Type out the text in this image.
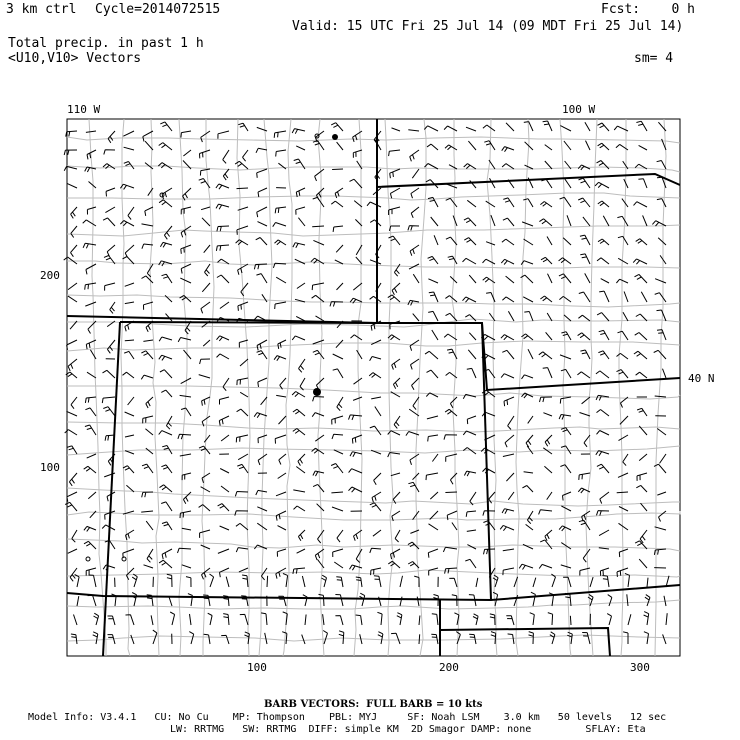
3 km ctrl Cycle=2014072515	Fcst:    0 h
Valid: 15 UTC Fri 25 Jul 14 (09 MDT Fri 25 Jul 14)
Total precip. in past 1 h
<U10,V10> Vectors	sm= 4
110 W	100 W
40 N
200
100
100	200	300
BARB VECTORS:  FULL BARB = 10 kts
Model Info: V3.4.1   CU: No Cu    MP: Thompson    PBL: MYJ     SF: Noah LSM    3.0 km   50 levels   12 sec
LW: RRTMG   SW: RRTMG  DIFF: simple KM  2D Smagor DAMP: none         SFLAY: Eta
